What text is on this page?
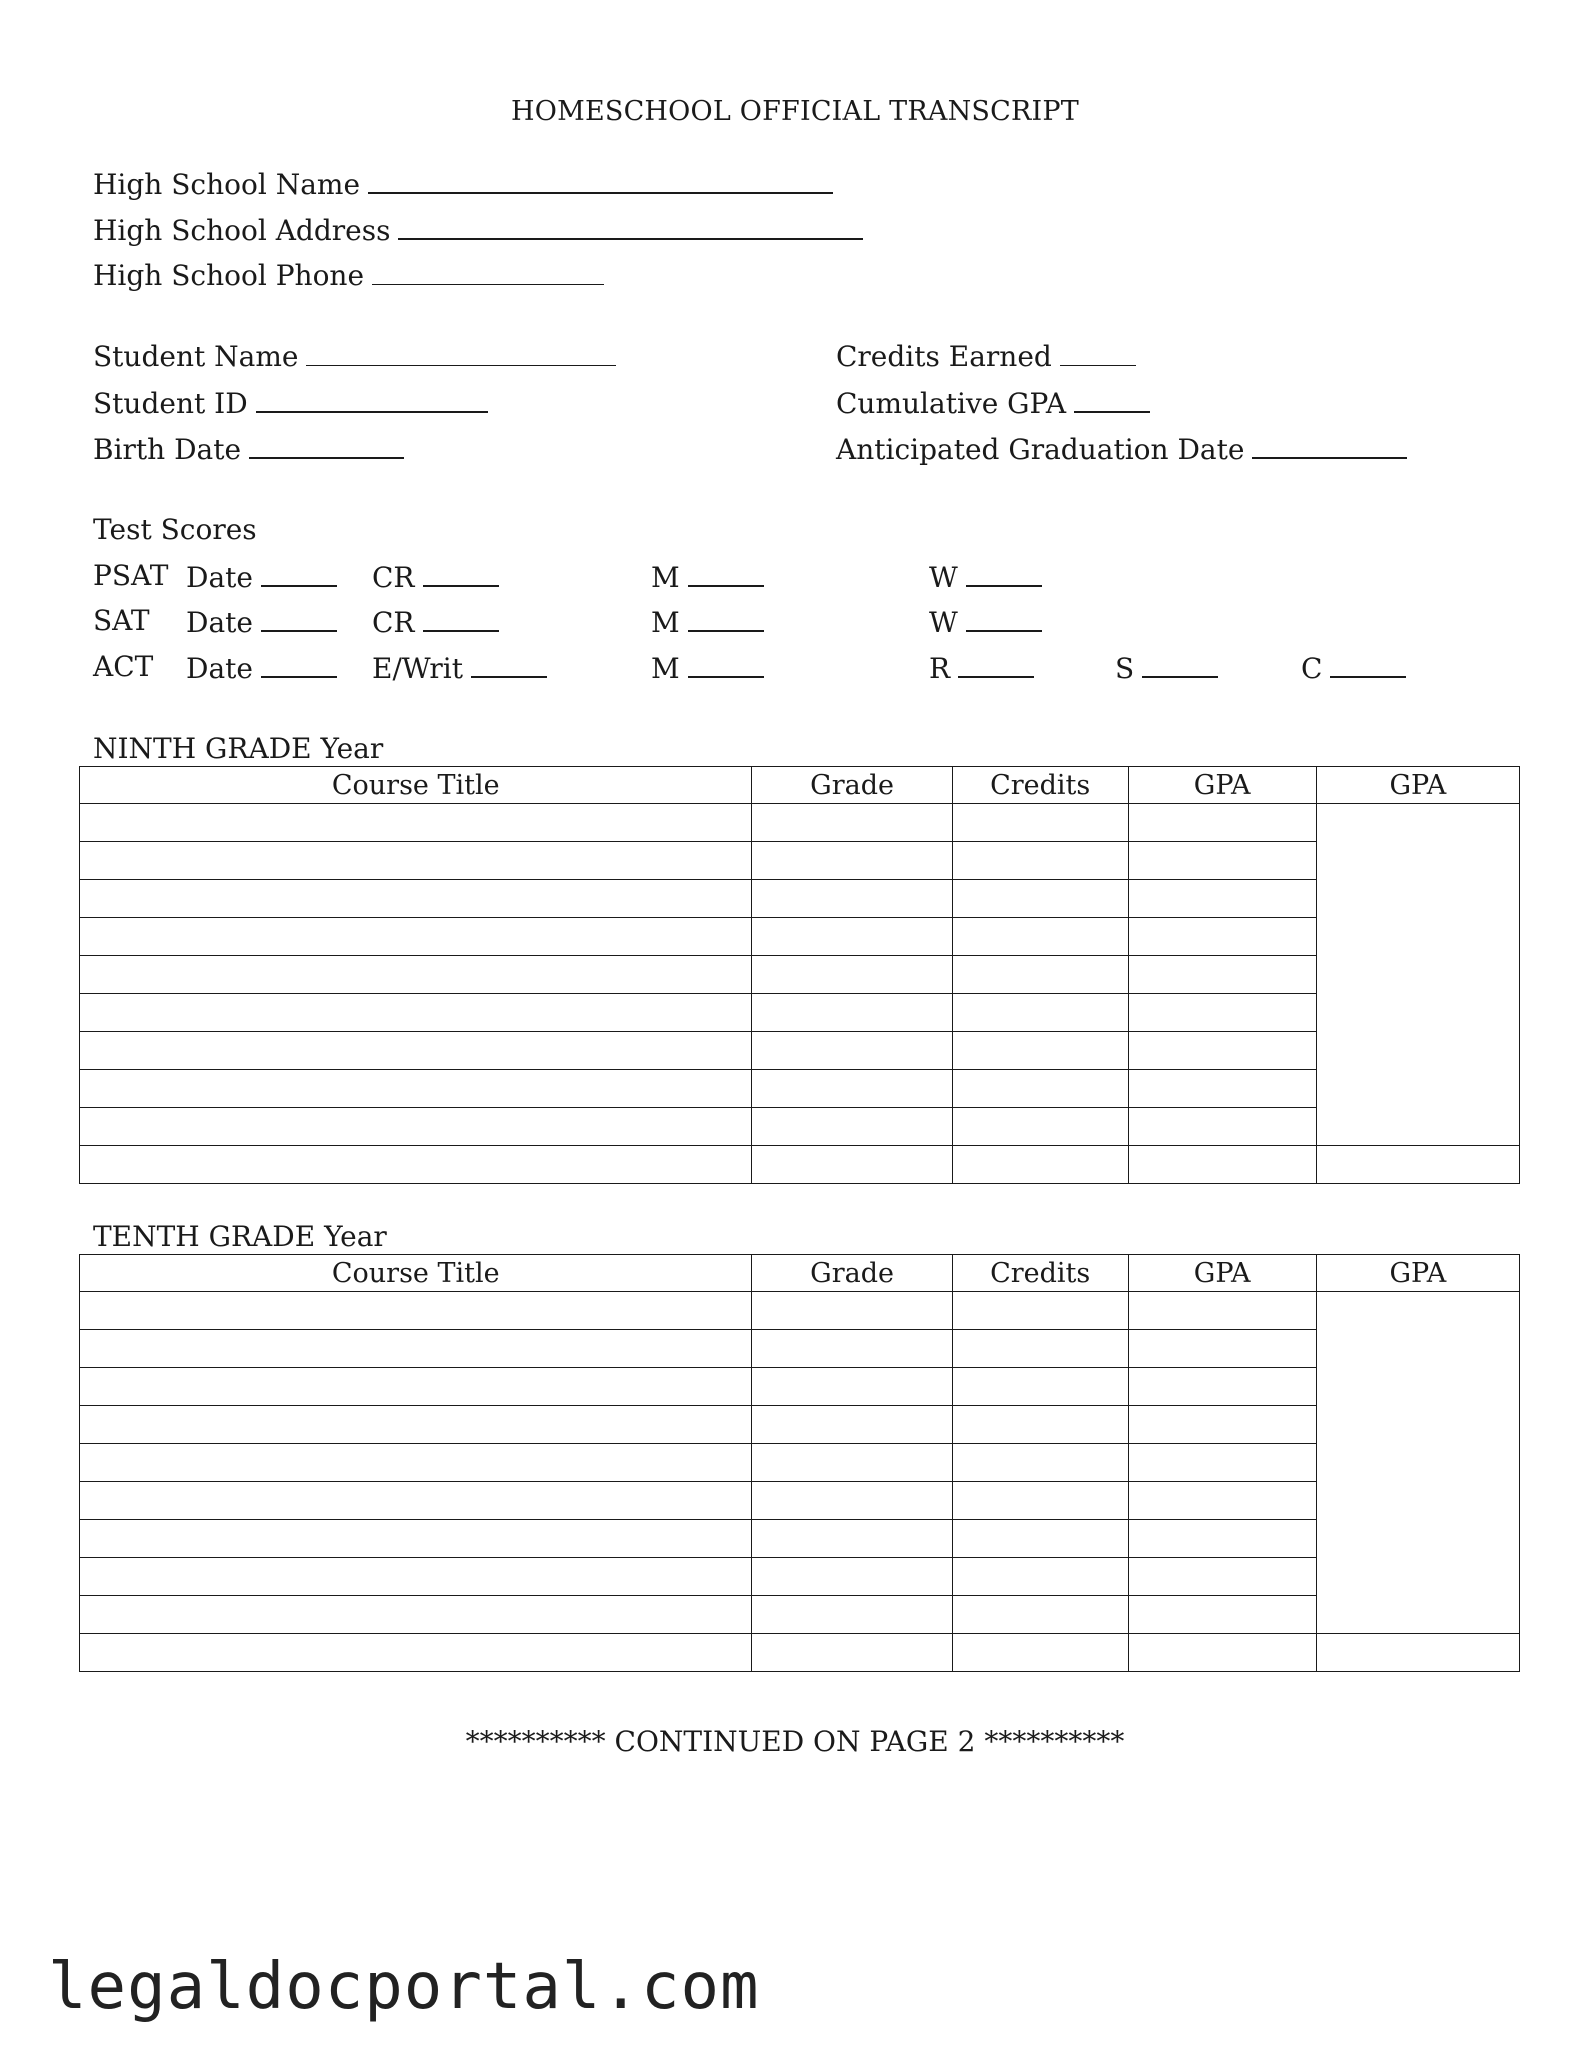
HOMESCHOOL OFFICIAL TRANSCRIPT
High School Name
High School Address
High School Phone
Student Name
Student ID
Birth Date
Credits Earned
Cumulative GPA
Anticipated Graduation Date
Test Scores
PSAT Date	CR	M	W
SAT Date	CR	M	W
ACT Date	E/Writ	M	R	S	C
NINTH GRADE Year
Course Title	Grade	Credits	GPA	GPA

TENTH GRADE Year
Course Title	Grade	Credits	GPA	GPA

********** CONTINUED ON PAGE 2 **********
legaldocportal.com
